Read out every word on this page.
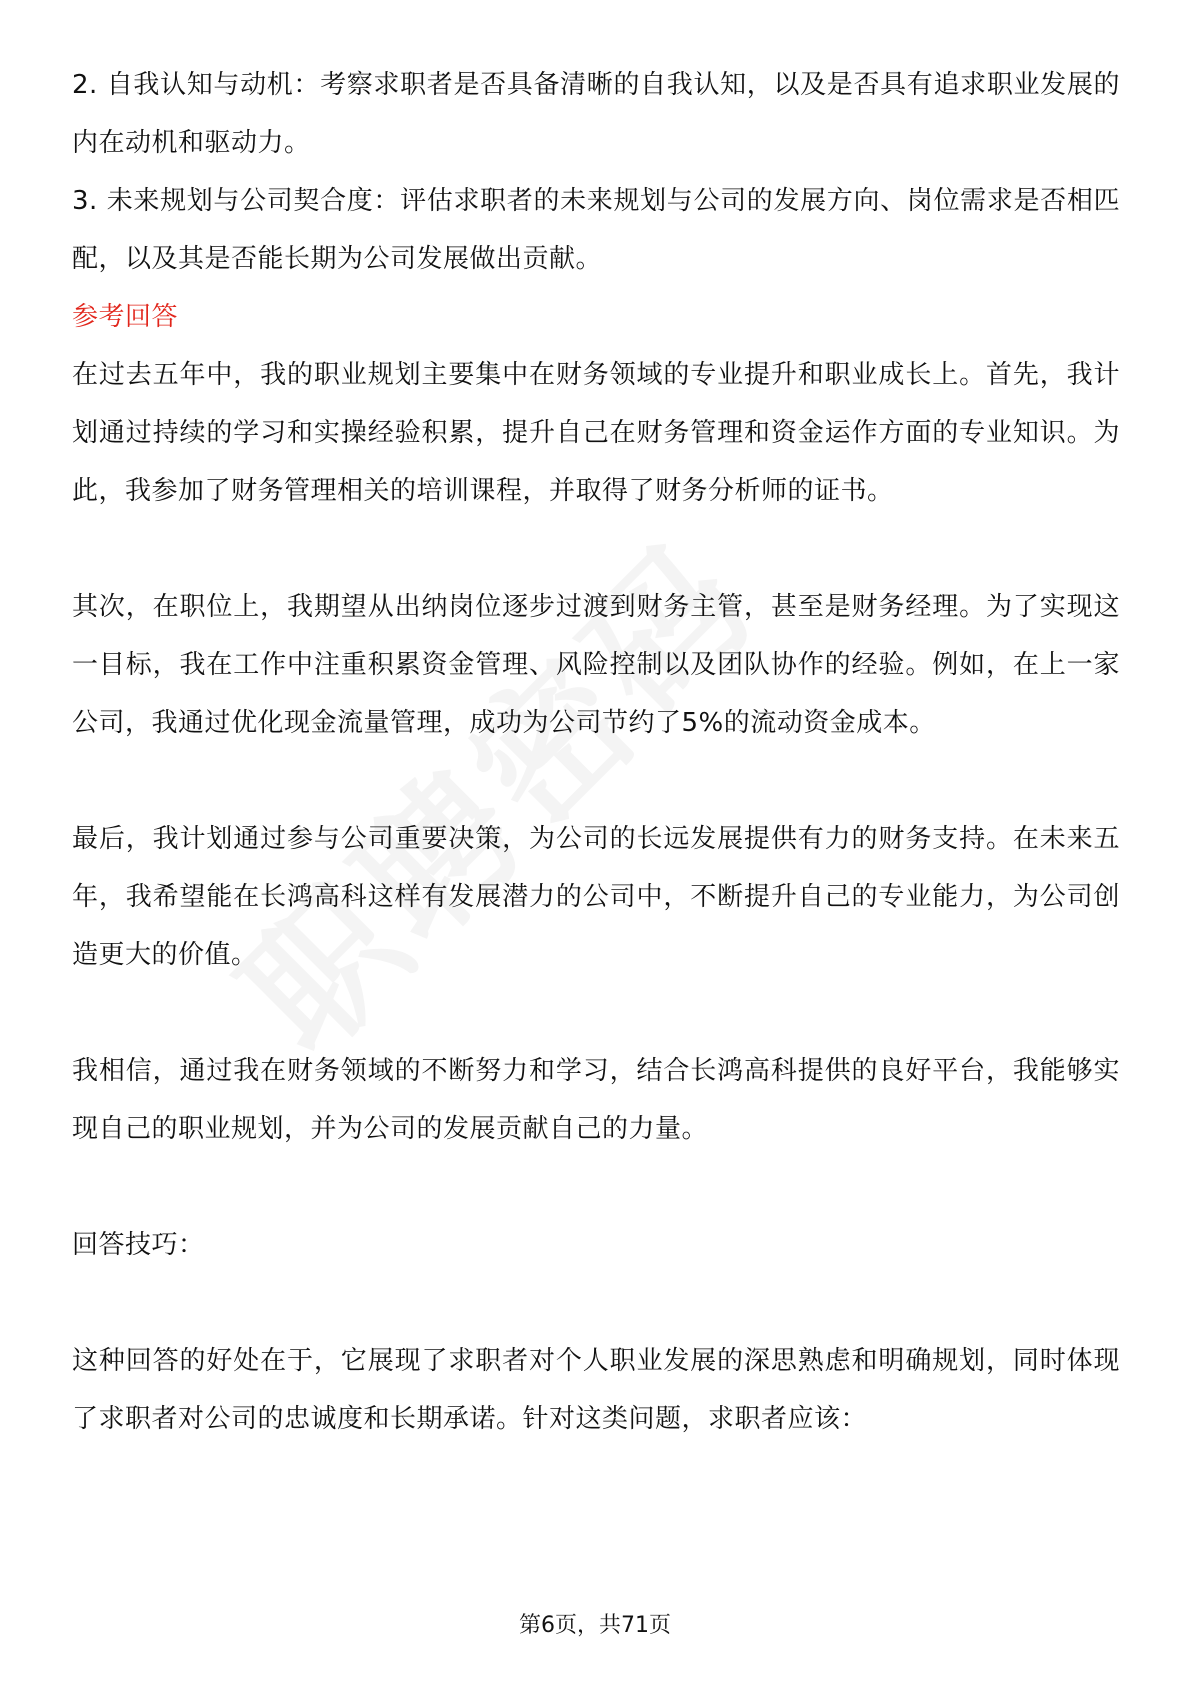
2. 自我认知与动机：考察求职者是否具备清晰的自我认知，以及是否具有追求职业发展的内在动机和驱动力。

3. 未来规划与公司契合度：评估求职者的未来规划与公司的发展方向、岗位需求是否相匹配，以及其是否能长期为公司发展做出贡献。

参考回答

在过去五年中，我的职业规划主要集中在财务领域的专业提升和职业成长上。首先，我计划通过持续的学习和实操经验积累，提升自己在财务管理和资金运作方面的专业知识。为此，我参加了财务管理相关的培训课程，并取得了财务分析师的证书。

其次，在职位上，我期望从出纳岗位逐步过渡到财务主管，甚至是财务经理。为了实现这一目标，我在工作中注重积累资金管理、风险控制以及团队协作的经验。例如，在上一家公司，我通过优化现金流量管理，成功为公司节约了5%的流动资金成本。

最后，我计划通过参与公司重要决策，为公司的长远发展提供有力的财务支持。在未来五年，我希望能在长鸿高科这样有发展潜力的公司中，不断提升自己的专业能力，为公司创造更大的价值。

我相信，通过我在财务领域的不断努力和学习，结合长鸿高科提供的良好平台，我能够实现自己的职业规划，并为公司的发展贡献自己的力量。

回答技巧：

这种回答的好处在于，它展现了求职者对个人职业发展的深思熟虑和明确规划，同时体现了求职者对公司的忠诚度和长期承诺。针对这类问题，求职者应该：

第6页，共71页
